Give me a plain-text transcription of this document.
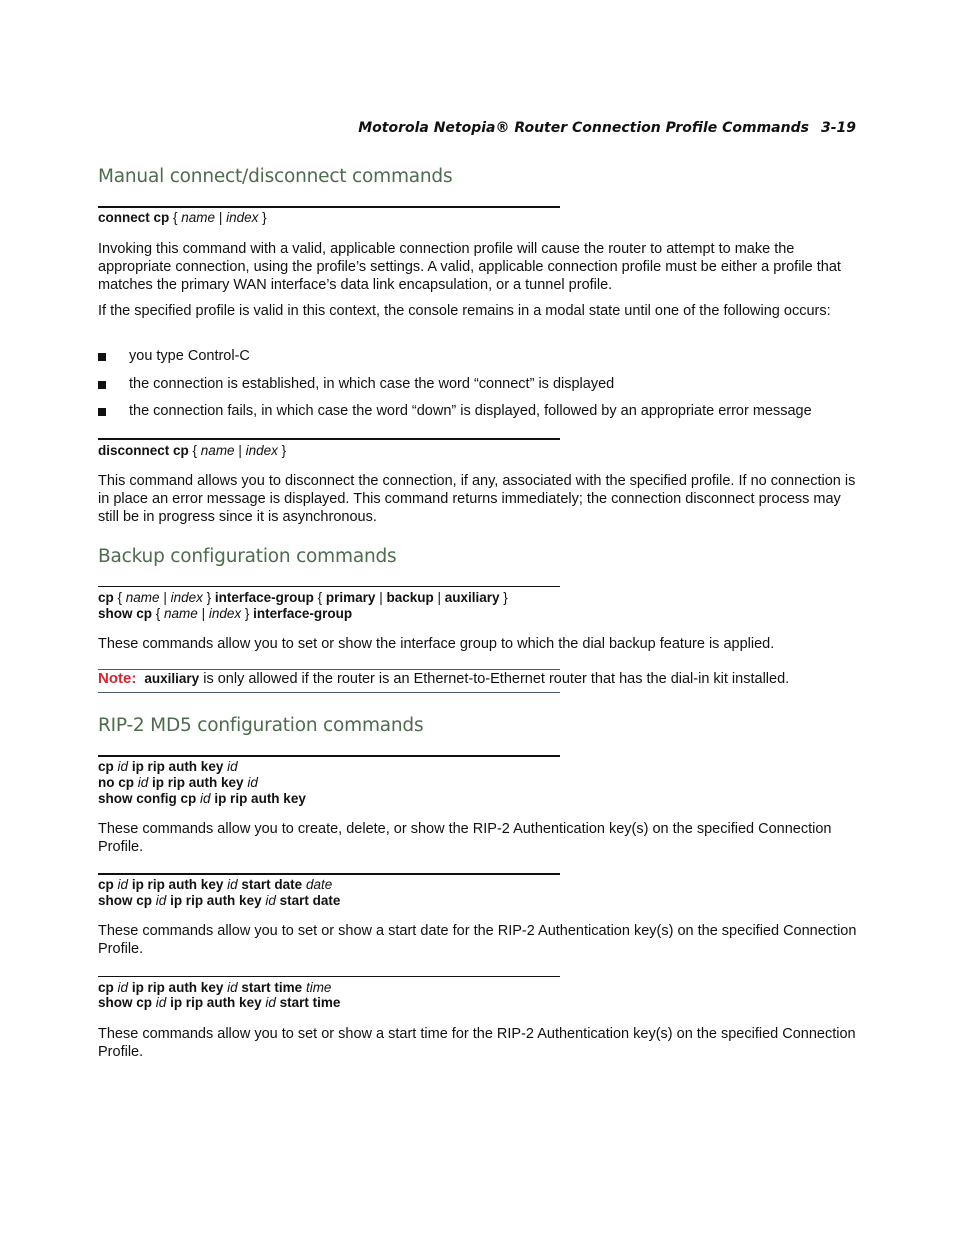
Motorola Netopia® Router Connection Profile Commands 3-19
Manual connect/disconnect commands
connect cp { name | index }
Invoking this command with a valid, applicable connection profile will cause the router to attempt to make the appropriate connection, using the profile’s settings. A valid, applicable connection profile must be either a profile that matches the primary WAN interface’s data link encapsulation, or a tunnel profile.
If the specified profile is valid in this context, the console remains in a modal state until one of the following occurs:
you type Control-C
the connection is established, in which case the word “connect” is displayed
the connection fails, in which case the word “down” is displayed, followed by an appropriate error message
disconnect cp { name | index }
This command allows you to disconnect the connection, if any, associated with the specified profile. If no connection is in place an error message is displayed. This command returns immediately; the connection disconnect process may still be in progress since it is asynchronous.
Backup configuration commands
cp { name | index } interface-group { primary | backup | auxiliary }
show cp { name | index } interface-group
These commands allow you to set or show the interface group to which the dial backup feature is applied.
Note: auxiliary is only allowed if the router is an Ethernet-to-Ethernet router that has the dial-in kit installed.
RIP-2 MD5 configuration commands
cp id ip rip auth key id
no cp id ip rip auth key id
show config cp id ip rip auth key
These commands allow you to create, delete, or show the RIP-2 Authentication key(s) on the specified Connection Profile.
cp id ip rip auth key id start date date
show cp id ip rip auth key id start date
These commands allow you to set or show a start date for the RIP-2 Authentication key(s) on the specified Connection Profile.
cp id ip rip auth key id start time time
show cp id ip rip auth key id start time
These commands allow you to set or show a start time for the RIP-2 Authentication key(s) on the specified Connection Profile.
